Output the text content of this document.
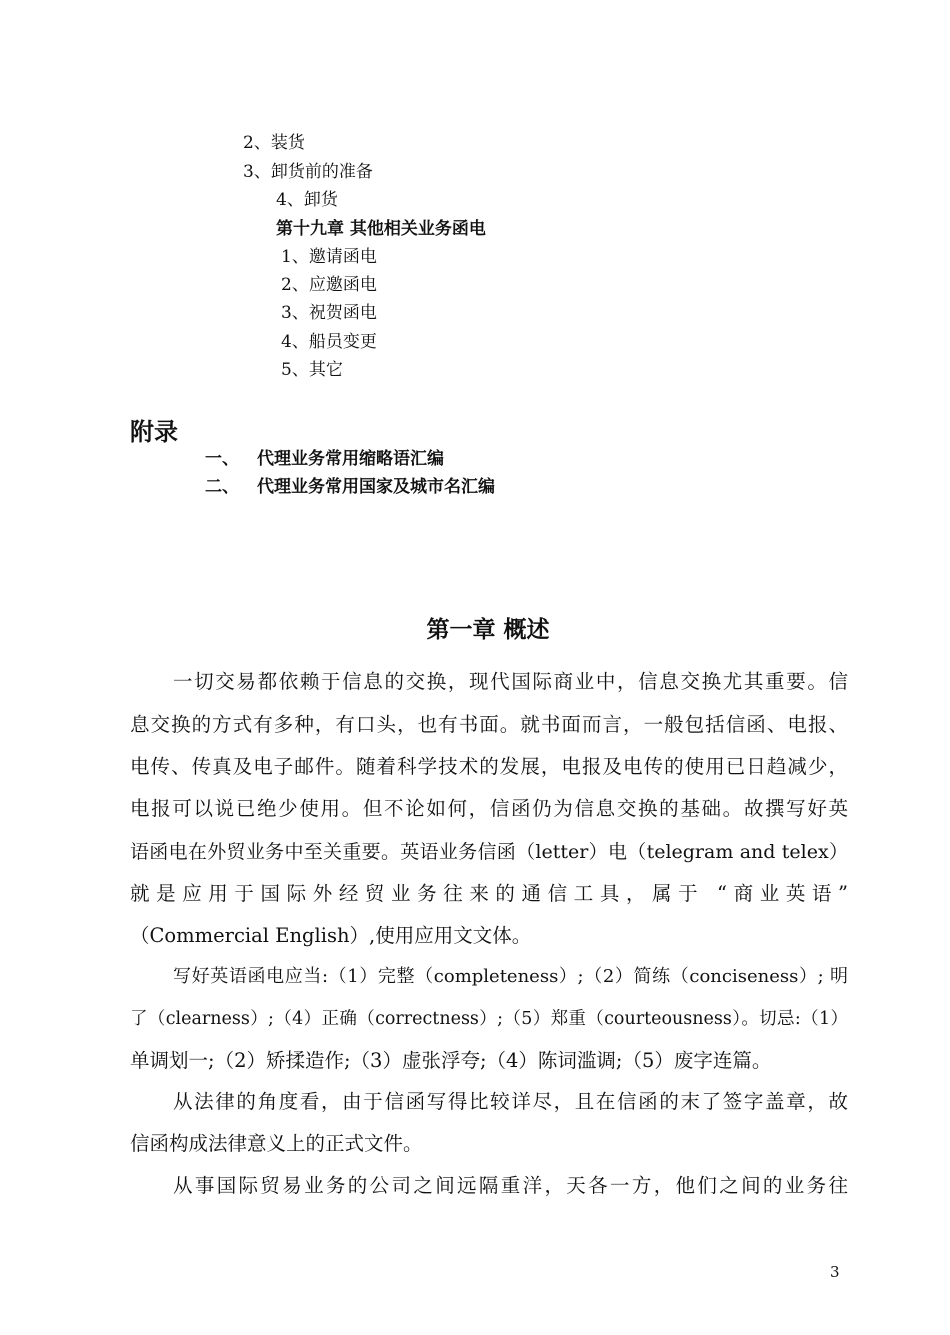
2、装货
3、卸货前的准备
4、卸货
第十九章 其他相关业务函电
1、邀请函电
2、应邀函电
3、祝贺函电
4、船员变更
5、其它
附录
一、 代理业务常用缩略语汇编
二、 代理业务常用国家及城市名汇编
第一章 概述
一切交易都依赖于信息的交换，现代国际商业中，信息交换尤其重要。信
息交换的方式有多种，有口头，也有书面。就书面而言，一般包括信函、电报、
电传、传真及电子邮件。随着科学技术的发展，电报及电传的使用已日趋减少，
电报可以说已绝少使用。但不论如何，信函仍为信息交换的基础。故撰写好英
语函电在外贸业务中至关重要。英语业务信函（letter）电（telegram and telex）
就是应用于国际外经贸业务往来的通信工具，属于 “商业英语”
（Commercial English）,使用应用文文体。
写好英语函电应当:（1）完整（completeness）;（2）简练（conciseness）; 明
了（clearness）;（4）正确（correctness）;（5）郑重（courteousness）。切忌:（1）
单调划一;（2）矫揉造作;（3）虚张浮夸;（4）陈词滥调;（5）废字连篇。
从法律的角度看，由于信函写得比较详尽，且在信函的末了签字盖章，故
信函构成法律意义上的正式文件。
从事国际贸易业务的公司之间远隔重洋，天各一方，他们之间的业务往
3
